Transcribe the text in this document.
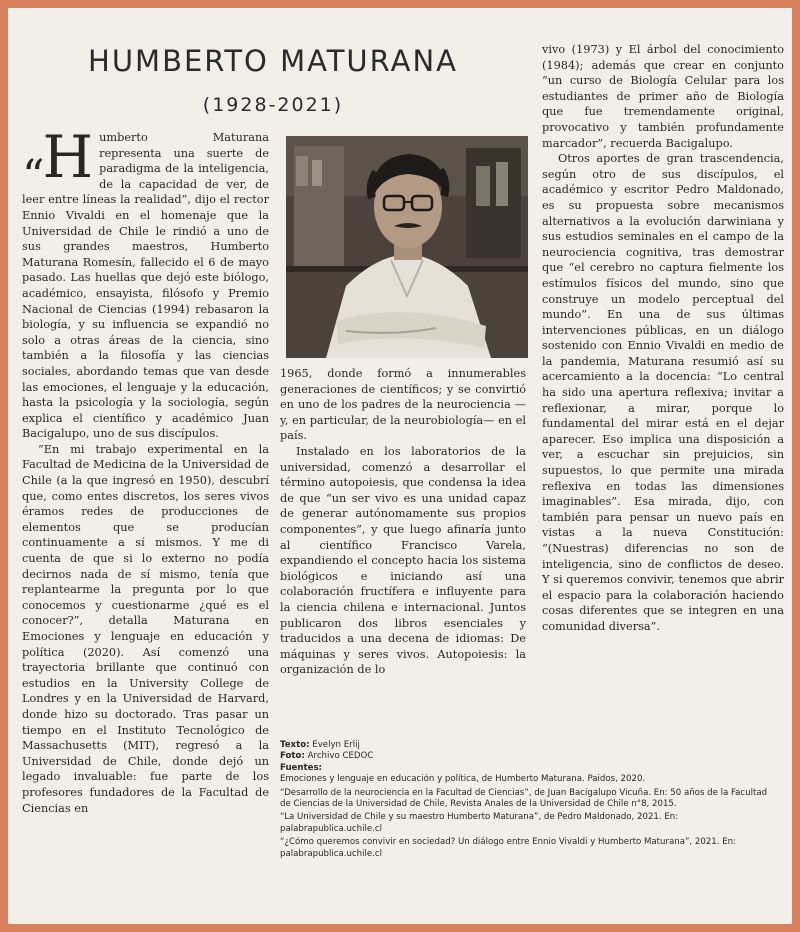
HUMBERTO MATURANA
(1928-2021)

$_“$H umberto Maturana representa una suerte de paradigma de la inteligencia, de la capacidad de ver, de leer entre líneas la realidad”, dijo el rector Ennio Vivaldi en el homenaje que la Universidad de Chile le rindió a uno de sus grandes maestros, Humberto Maturana Romesín, fallecido el 6 de mayo pasado. Las huellas que dejó este biólogo, académico, ensayista, filósofo y Premio Nacional de Ciencias (1994) rebasaron la biología, y su influencia se expandió no solo a otras áreas de la ciencia, sino también a la filosofía y las ciencias sociales, abordando temas que van desde las emociones, el lenguaje y la educación, hasta la psicología y la sociología, según explica el científico y académico Juan Bacigalupo, uno de sus discípulos.

“En mi trabajo experimental en la Facultad de Medicina de la Universidad de Chile (a la que ingresó en 1950), descubrí que, como entes discretos, los seres vivos éramos redes de producciones de elementos que se producían continuamente a sí mismos. Y me di cuenta de que si lo externo no podía decirnos nada de sí mismo, tenía que replantearme la pregunta por lo que conocemos y cuestionarme ¿qué es el conocer?”, detalla Maturana en Emociones y lenguaje en educación y política (2020). Así comenzó una trayectoria brillante que continuó con estudios en la University College de Londres y en la Universidad de Harvard, donde hizo su doctorado. Tras pasar un tiempo en el Instituto Tecnológico de Massachusetts (MIT), regresó a la Universidad de Chile, donde dejó un legado invaluable: fue parte de los profesores fundadores de la Facultad de Ciencias en

1965, donde formó a innumerables generaciones de científicos; y se convirtió en uno de los padres de la neurociencia —y, en particular, de la neurobiología— en el país.

Instalado en los laboratorios de la universidad, comenzó a desarrollar el término autopoiesis, que condensa la idea de que “un ser vivo es una unidad capaz de generar autónomamente sus propios componentes”, y que luego afinaría junto al científico Francisco Varela, expandiendo el concepto hacia los sistema biológicos e iniciando así una colaboración fructífera e influyente para la ciencia chilena e internacional. Juntos publicaron dos libros esenciales y traducidos a una decena de idiomas: De máquinas y seres vivos. Autopoiesis: la organización de lo

vivo (1973) y El árbol del conocimiento (1984); además que crear en conjunto “un curso de Biología Celular para los estudiantes de primer año de Biología que fue tremendamente original, provocativo y también profundamente marcador”, recuerda Bacigalupo.

Otros aportes de gran trascendencia, según otro de sus discípulos, el académico y escritor Pedro Maldonado, es su propuesta sobre mecanismos alternativos a la evolución darwiniana y sus estudios seminales en el campo de la neurociencia cognitiva, tras demostrar que “el cerebro no captura fielmente los estímulos físicos del mundo, sino que construye un modelo perceptual del mundo”. En una de sus últimas intervenciones públicas, en un diálogo sostenido con Ennio Vivaldi en medio de la pandemia, Maturana resumió así su acercamiento a la docencia: “Lo central ha sido una apertura reflexiva; invitar a reflexionar, a mirar, porque lo fundamental del mirar está en el dejar aparecer. Eso implica una disposición a ver, a escuchar sin prejuicios, sin supuestos, lo que permite una mirada reflexiva en todas las dimensiones imaginables”. Esa mirada, dijo, con también para pensar un nuevo país en vistas a la nueva Constitución: “(Nuestras) diferencias no son de inteligencia, sino de conflictos de deseo. Y si queremos convivir, tenemos que abrir el espacio para la colaboración haciendo cosas diferentes que se integren en una comunidad diversa”.

Texto: Evelyn Erlij
Foto: Archivo CEDOC
Fuentes:
Emociones y lenguaje en educación y política, de Humberto Maturana. Paidos, 2020.
“Desarrollo de la neurociencia en la Facultad de Ciencias”, de Juan Bacigalupo Vicuña. En: 50 años de la Facultad de Ciencias de la Universidad de Chile, Revista Anales de la Universidad de Chile n°8, 2015.
“La Universidad de Chile y su maestro Humberto Maturana”, de Pedro Maldonado, 2021. En: palabrapublica.uchile.cl
“¿Cómo queremos convivir en sociedad? Un diálogo entre Ennio Vivaldi y Humberto Maturana”, 2021. En: palabrapublica.uchile.cl
